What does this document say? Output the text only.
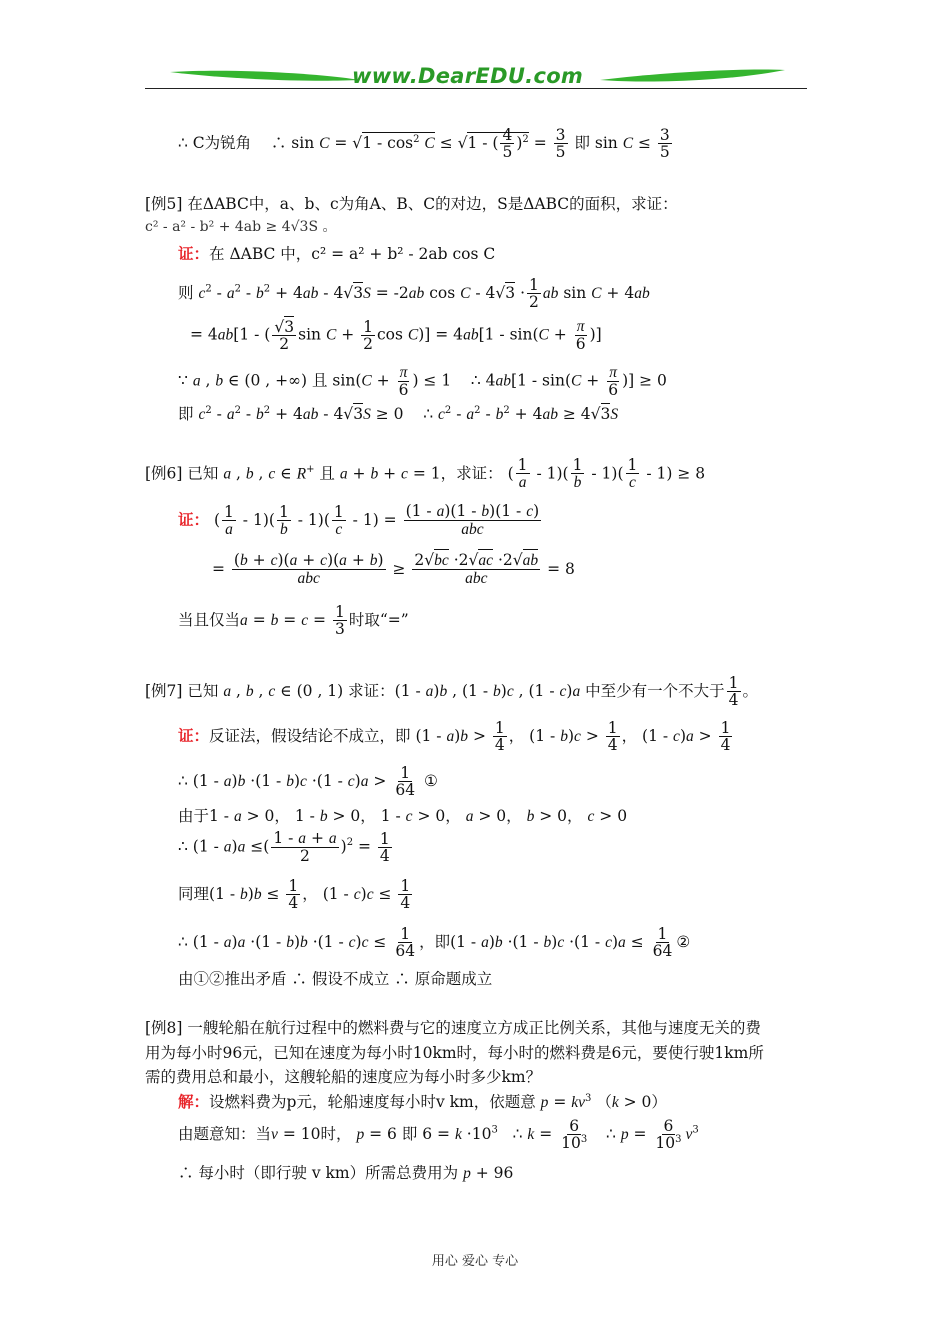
www.DearEDU.com
∴ C为锐角    ∴ $\sin C = √1 - \cos^2 C \le √1$ - ( $\frac{4}{5} )^2 = \frac{3}{5}$ 即 $\sin C \le \frac{3}{5}$
[例5] 在ΔABC中，a、b、c为角A、B、C的对边，S是ΔABC的面积，求证：
c² - a² - b² + 4ab ≥ 4√3S 。
证：在 ΔABC 中，c² = a² + b² - 2ab cos C
则 $c^2 - a^2 - b^2 + 4ab - 4√3S = -2ab$ $\cos C - 4√3 \cdot \frac{1}{2}$ ab sin C + 4ab
= 4ab[1 - ( $\frac{√3}{2}$ $\sin C + \frac{1}{2}$ $\cos C)] = 4ab[1 - \sin(C + \frac{\pi}{6}$ )]
∵ a , b ∈ (0 , +∞) 且 $\sin(C + \frac{\pi}{6}$ ) ≤ 1    ∴ $4ab[1 - \sin(C + \frac{\pi}{6}$ )] ≥ 0
即 $c^2 - a^2 - b^2 + 4ab - 4√3S \ge 0$    ∴ $c^2 - a^2 - b^2 + 4ab \ge 4√3S$
[例6] 已知 a , b , c ∈ R+ 且 a + b + c = 1，求证： ( $\frac{1}{a} - 1)( \frac{1}{b} - 1)( \frac{1}{c} - 1) \ge 8$
证： ( $\frac{1}{a} - 1)( \frac{1}{b} - 1)( \frac{1}{c} - 1) = \frac{(1 - a)(1 - b)(1 - c)}{\text{abc}}$
= $\frac{(b + c)(a + c)(a + b)}{\text{abc}} \ge \frac{2√bc \cdot 2√ac \cdot 2√ab}{\text{abc}} = 8$
当且仅当$a = b = c = \frac{1}{3}$ 时取“=”
[例7] 已知 a , b , c ∈ (0 , 1) 求证：(1 - a)b , (1 - b)c , (1 - c)a 中至少有一个不大于 $\frac{1}{4}$ 。
证：反证法，假设结论不成立，即 $(1 - a)b > \frac{1}{4}$ ， $(1 - b)c > \frac{1}{4}$ ， $(1 - c)a > \frac{1}{4}$
∴ $(1 - a)b \cdot(1 - b)c \cdot(1 - c)a > \frac{1}{64}$ ①
由于1 - a > 0， 1 - b > 0， 1 - c > 0， a > 0， b > 0， c > 0
∴ (1 - a)a ≤( $\frac{1 - a + a}{2} )^2 = \frac{1}{4}$
同理$(1 - b)b \le \frac{1}{4}$ ， $(1 - c)c \le \frac{1}{4}$
∴ $(1 - a)a \cdot(1 - b)b \cdot(1 - c)c \le \frac{1}{64}$ ，即$(1 - a)b \cdot(1 - b)c \cdot(1 - c)a \le \frac{1}{64}$ ②
由①②推出矛盾 ∴ 假设不成立 ∴ 原命题成立
[例8] 一艘轮船在航行过程中的燃料费与它的速度立方成正比例关系，其他与速度无关的费
用为每小时96元，已知在速度为每小时10km时，每小时的燃料费是6元，要使行驶1km所
需的费用总和最小，这艘轮船的速度应为每小时多少km？
解：设燃料费为p元，轮船速度每小时v km，依题意 $p = kv^3$ （k > 0）
由题意知：当v = 10时， p = 6 即 $6 = k \cdot 10^3$   ∴ $k = \frac{6}{10^3}$ ∴ $p = \frac{6}{10^3} v^3$
∴ 每小时（即行驶 v km）所需总费用为 p + 96
用心 爱心 专心
